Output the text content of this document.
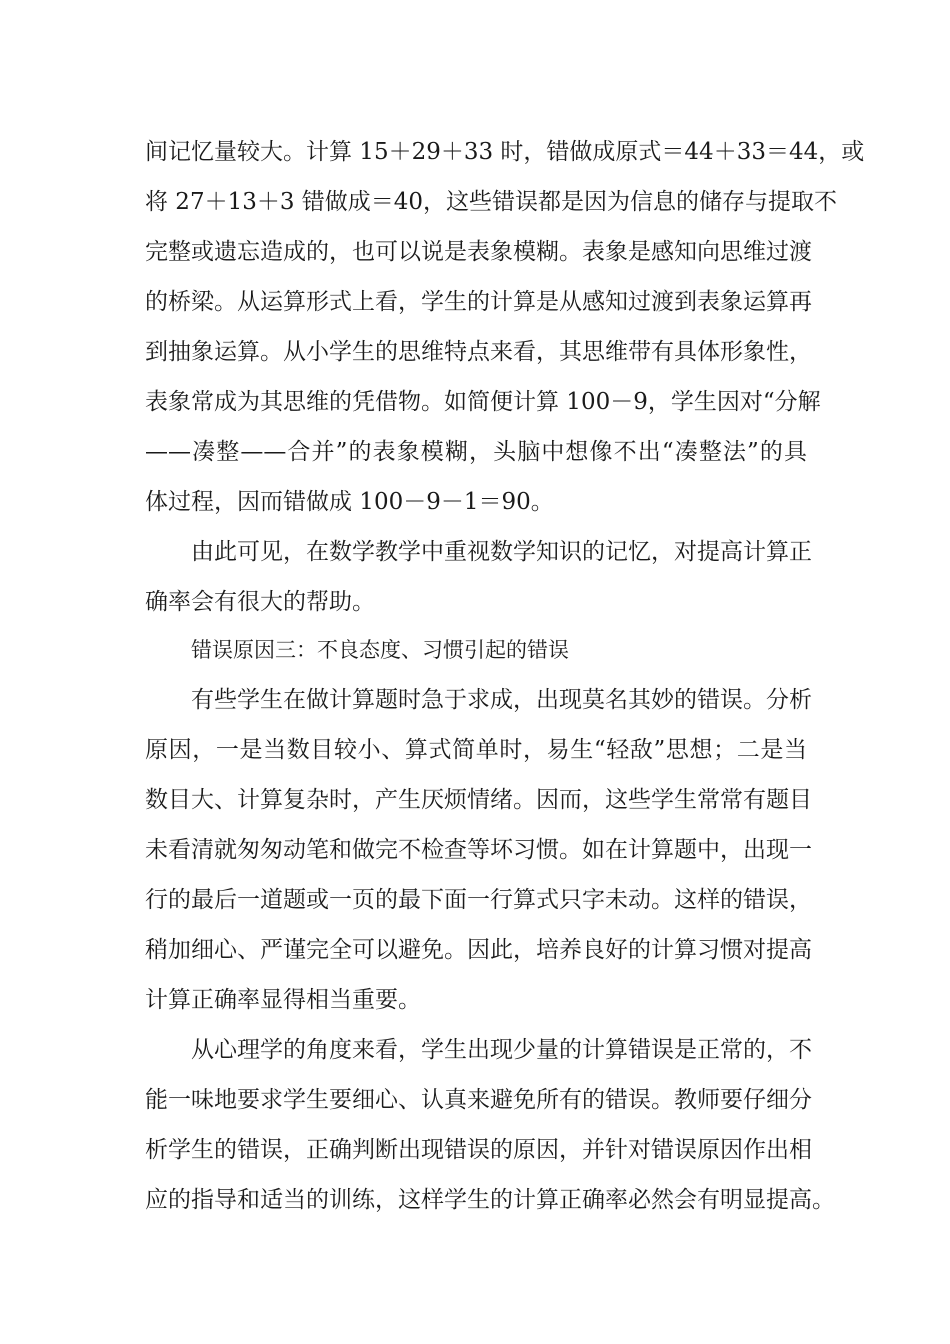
间记忆量较大。计算 15＋29＋33 时，错做成原式＝44＋33＝44，或
将 27＋13＋3 错做成＝40，这些错误都是因为信息的储存与提取不
完整或遗忘造成的，也可以说是表象模糊。表象是感知向思维过渡
的桥梁。从运算形式上看，学生的计算是从感知过渡到表象运算再
到抽象运算。从小学生的思维特点来看，其思维带有具体形象性，
表象常成为其思维的凭借物。如简便计算 100－9，学生因对“分解
——凑整——合并”的表象模糊，头脑中想像不出“凑整法”的具
体过程，因而错做成 100－9－1＝90。
由此可见，在数学教学中重视数学知识的记忆，对提高计算正
确率会有很大的帮助。
错误原因三：不良态度、习惯引起的错误
有些学生在做计算题时急于求成，出现莫名其妙的错误。分析
原因，一是当数目较小、算式简单时，易生“轻敌”思想；二是当
数目大、计算复杂时，产生厌烦情绪。因而，这些学生常常有题目
未看清就匆匆动笔和做完不检查等坏习惯。如在计算题中，出现一
行的最后一道题或一页的最下面一行算式只字未动。这样的错误，
稍加细心、严谨完全可以避免。因此，培养良好的计算习惯对提高
计算正确率显得相当重要。
从心理学的角度来看，学生出现少量的计算错误是正常的，不
能一味地要求学生要细心、认真来避免所有的错误。教师要仔细分
析学生的错误，正确判断出现错误的原因，并针对错误原因作出相
应的指导和适当的训练，这样学生的计算正确率必然会有明显提高。
